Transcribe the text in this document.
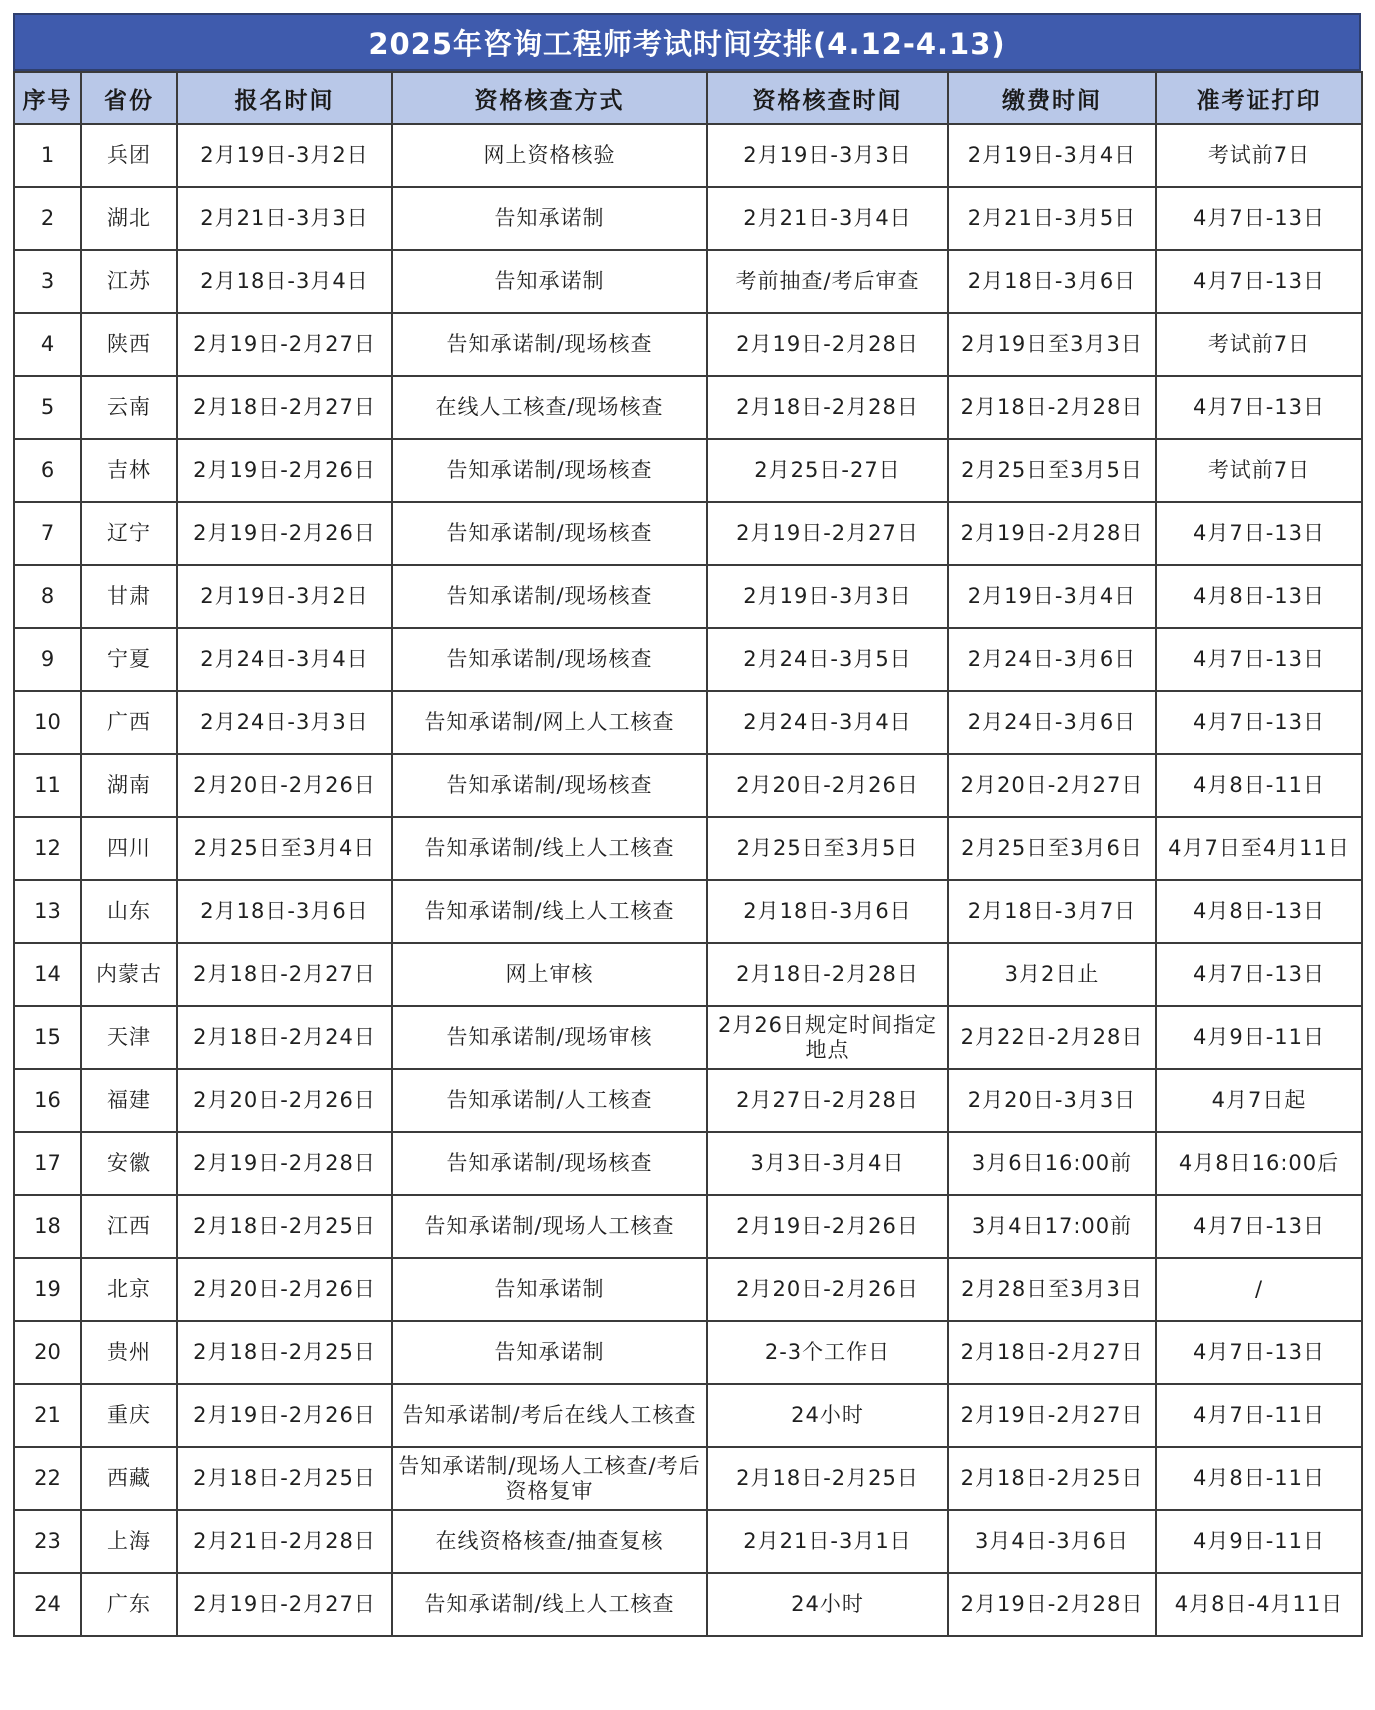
2025年咨询工程师考试时间安排(4.12-4.13)
序号	省份	报名时间	资格核查方式	资格核查时间	缴费时间	准考证打印
1	兵团	2月19日-3月2日	网上资格核验	2月19日-3月3日	2月19日-3月4日	考试前7日
2	湖北	2月21日-3月3日	告知承诺制	2月21日-3月4日	2月21日-3月5日	4月7日-13日
3	江苏	2月18日-3月4日	告知承诺制	考前抽查/考后审查	2月18日-3月6日	4月7日-13日
4	陕西	2月19日-2月27日	告知承诺制/现场核查	2月19日-2月28日	2月19日至3月3日	考试前7日
5	云南	2月18日-2月27日	在线人工核查/现场核查	2月18日-2月28日	2月18日-2月28日	4月7日-13日
6	吉林	2月19日-2月26日	告知承诺制/现场核查	2月25日-27日	2月25日至3月5日	考试前7日
7	辽宁	2月19日-2月26日	告知承诺制/现场核查	2月19日-2月27日	2月19日-2月28日	4月7日-13日
8	甘肃	2月19日-3月2日	告知承诺制/现场核查	2月19日-3月3日	2月19日-3月4日	4月8日-13日
9	宁夏	2月24日-3月4日	告知承诺制/现场核查	2月24日-3月5日	2月24日-3月6日	4月7日-13日
10	广西	2月24日-3月3日	告知承诺制/网上人工核查	2月24日-3月4日	2月24日-3月6日	4月7日-13日
11	湖南	2月20日-2月26日	告知承诺制/现场核查	2月20日-2月26日	2月20日-2月27日	4月8日-11日
12	四川	2月25日至3月4日	告知承诺制/线上人工核查	2月25日至3月5日	2月25日至3月6日	4月7日至4月11日
13	山东	2月18日-3月6日	告知承诺制/线上人工核查	2月18日-3月6日	2月18日-3月7日	4月8日-13日
14	内蒙古	2月18日-2月27日	网上审核	2月18日-2月28日	3月2日止	4月7日-13日
15	天津	2月18日-2月24日	告知承诺制/现场审核	2月26日规定时间指定地点	2月22日-2月28日	4月9日-11日
16	福建	2月20日-2月26日	告知承诺制/人工核查	2月27日-2月28日	2月20日-3月3日	4月7日起
17	安徽	2月19日-2月28日	告知承诺制/现场核查	3月3日-3月4日	3月6日16:00前	4月8日16:00后
18	江西	2月18日-2月25日	告知承诺制/现场人工核查	2月19日-2月26日	3月4日17:00前	4月7日-13日
19	北京	2月20日-2月26日	告知承诺制	2月20日-2月26日	2月28日至3月3日	/
20	贵州	2月18日-2月25日	告知承诺制	2-3个工作日	2月18日-2月27日	4月7日-13日
21	重庆	2月19日-2月26日	告知承诺制/考后在线人工核查	24小时	2月19日-2月27日	4月7日-11日
22	西藏	2月18日-2月25日	告知承诺制/现场人工核查/考后资格复审	2月18日-2月25日	2月18日-2月25日	4月8日-11日
23	上海	2月21日-2月28日	在线资格核查/抽查复核	2月21日-3月1日	3月4日-3月6日	4月9日-11日
24	广东	2月19日-2月27日	告知承诺制/线上人工核查	24小时	2月19日-2月28日	4月8日-4月11日
